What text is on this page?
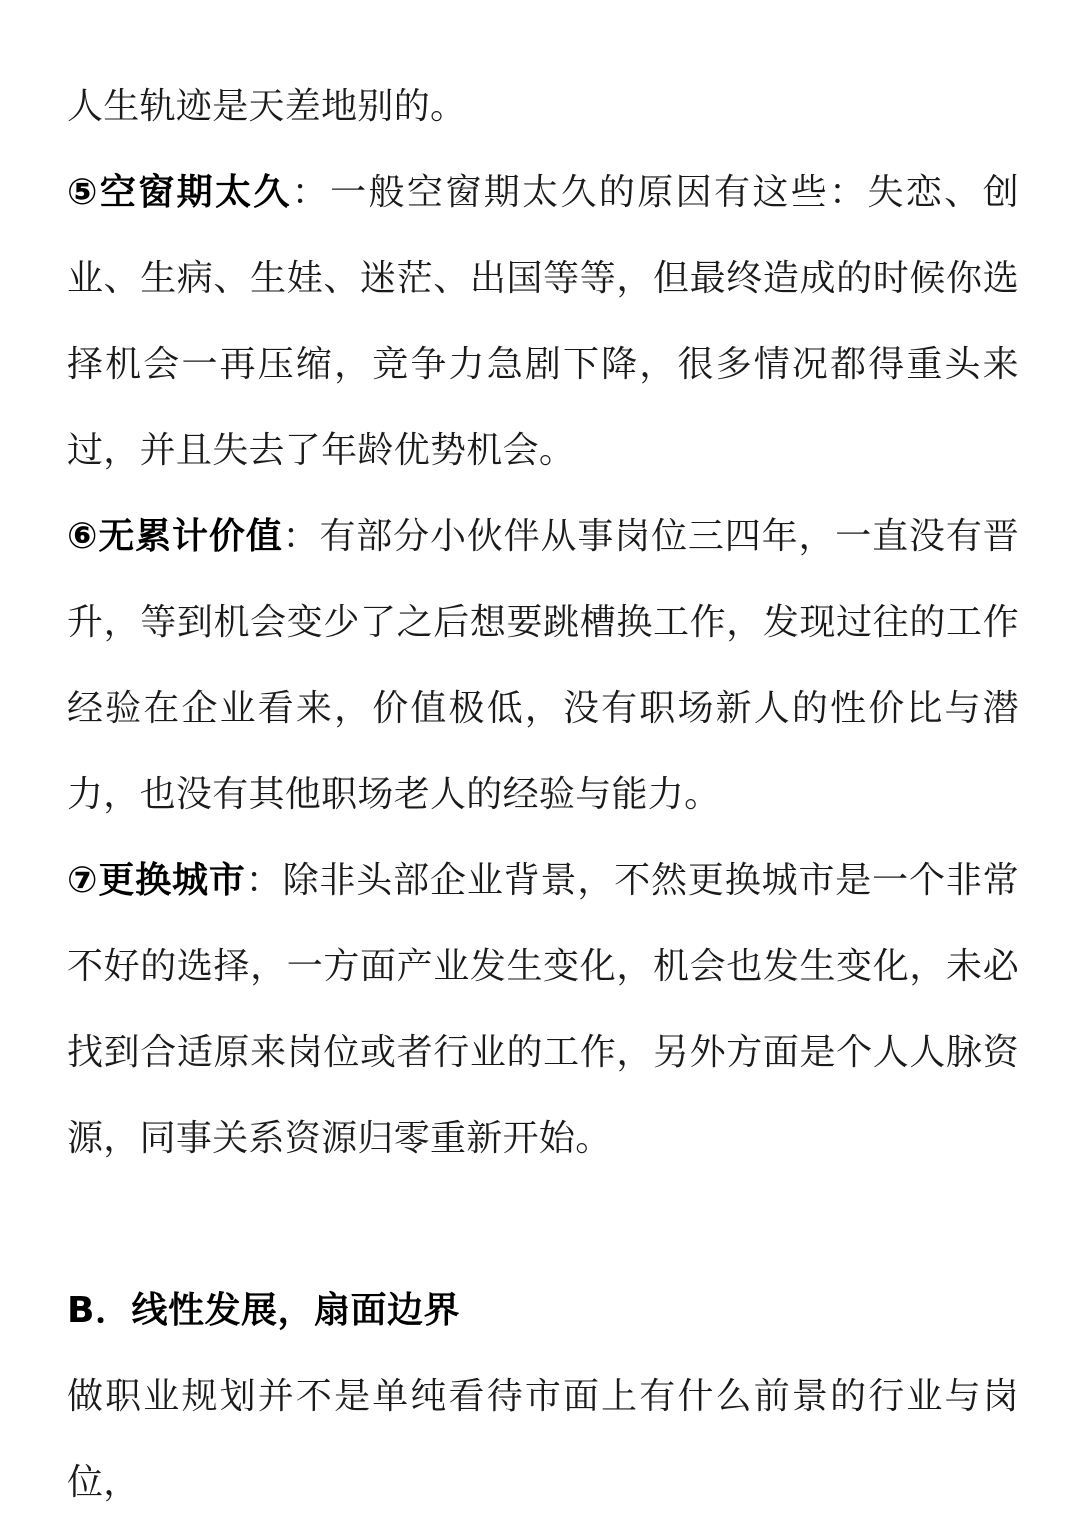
人生轨迹是天差地别的。

⑤空窗期太久：一般空窗期太久的原因有这些：失恋、创业、生病、生娃、迷茫、出国等等，但最终造成的时候你选择机会一再压缩，竞争力急剧下降，很多情况都得重头来过，并且失去了年龄优势机会。

⑥无累计价值：有部分小伙伴从事岗位三四年，一直没有晋升，等到机会变少了之后想要跳槽换工作，发现过往的工作经验在企业看来，价值极低，没有职场新人的性价比与潜力，也没有其他职场老人的经验与能力。

⑦更换城市：除非头部企业背景，不然更换城市是一个非常不好的选择，一方面产业发生变化，机会也发生变化，未必找到合适原来岗位或者行业的工作，另外方面是个人人脉资源，同事关系资源归零重新开始。

B．线性发展，扇面边界

做职业规划并不是单纯看待市面上有什么前景的行业与岗位，
